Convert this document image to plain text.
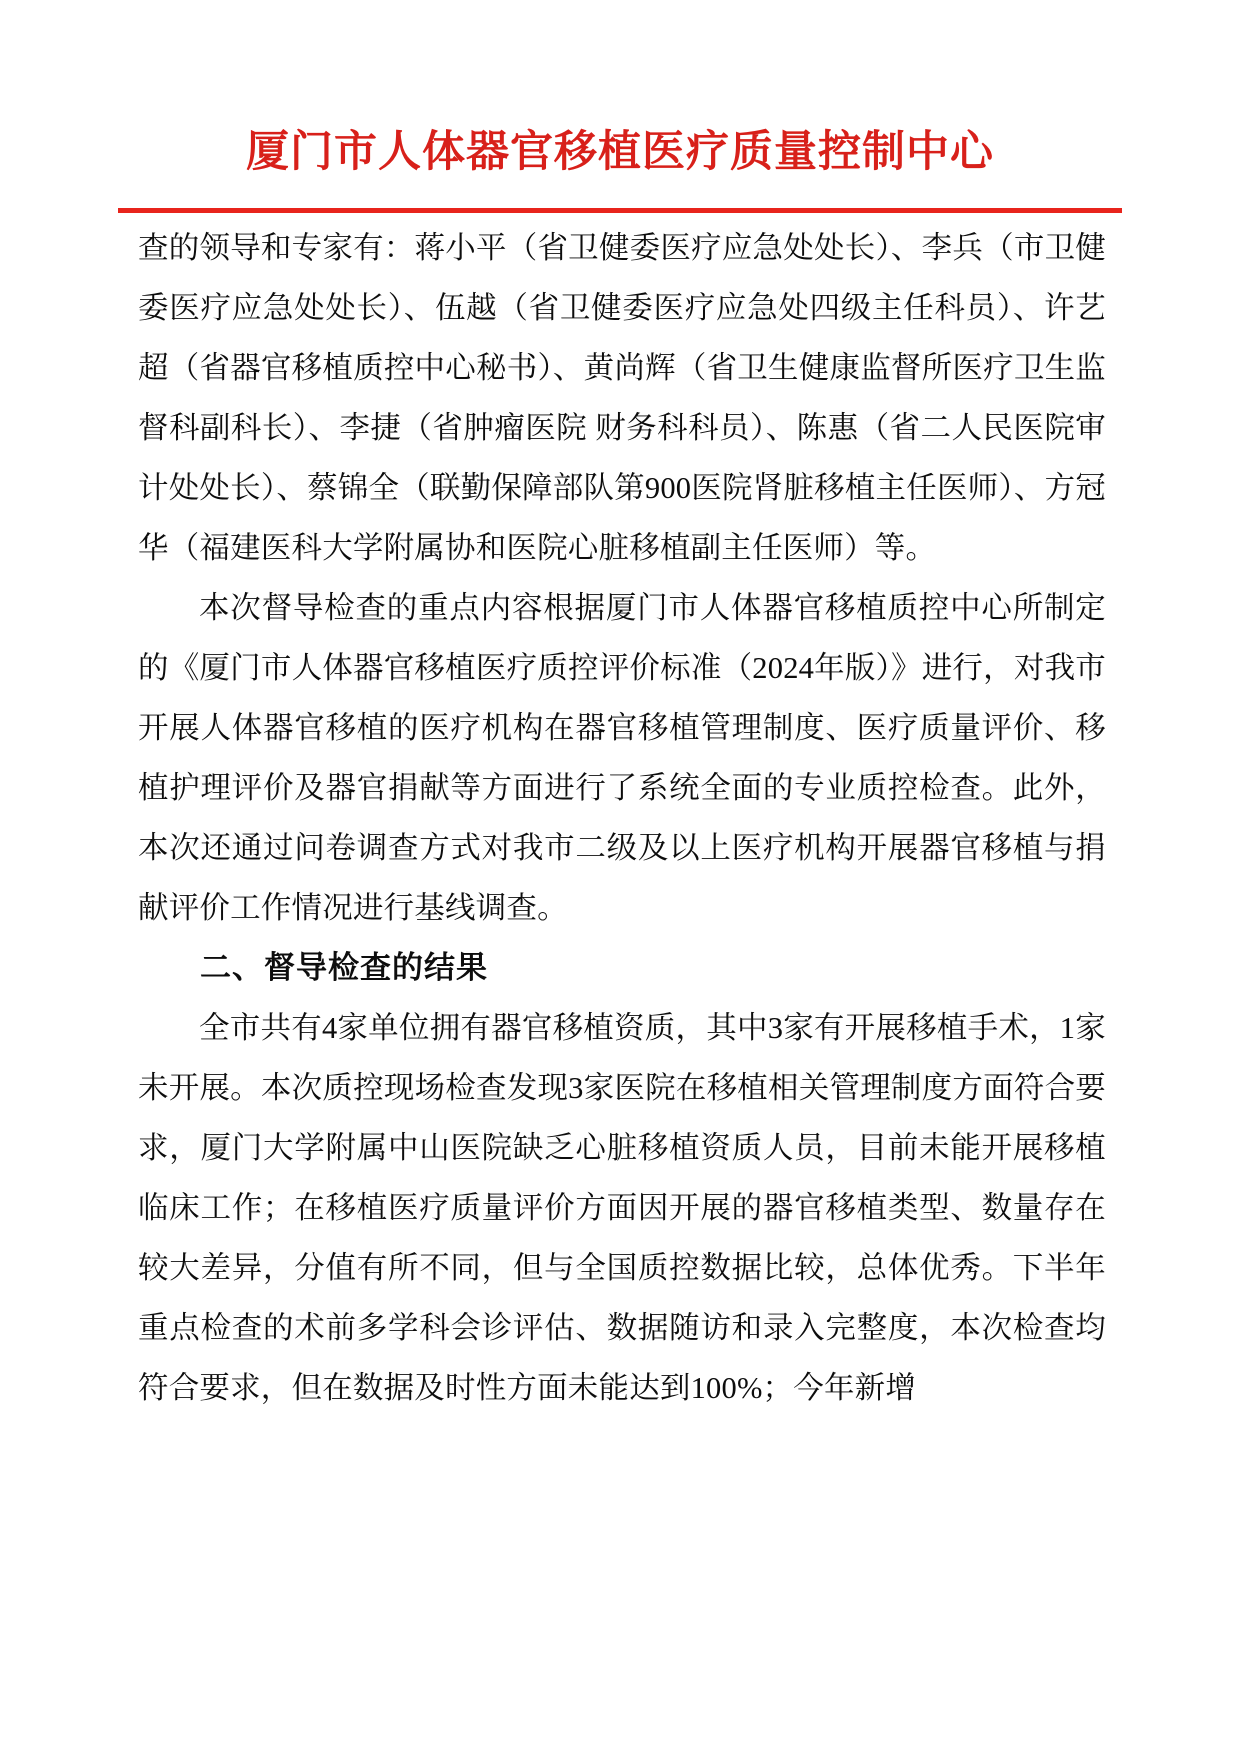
厦门市人体器官移植医疗质量控制中心

查的领导和专家有：蒋小平（省卫健委医疗应急处处长）、李兵（市卫健委医疗应急处处长）、伍越（省卫健委医疗应急处四级主任科员）、许艺超（省器官移植质控中心秘书）、黄尚辉（省卫生健康监督所医疗卫生监督科副科长）、李捷（省肿瘤医院 财务科科员）、陈惠（省二人民医院审计处处长）、蔡锦全（联勤保障部队第900医院肾脏移植主任医师）、方冠华（福建医科大学附属协和医院心脏移植副主任医师）等。

本次督导检查的重点内容根据厦门市人体器官移植质控中心所制定的《厦门市人体器官移植医疗质控评价标准（2024年版）》进行，对我市开展人体器官移植的医疗机构在器官移植管理制度、医疗质量评价、移植护理评价及器官捐献等方面进行了系统全面的专业质控检查。此外，本次还通过问卷调查方式对我市二级及以上医疗机构开展器官移植与捐献评价工作情况进行基线调查。

二、督导检查的结果

全市共有4家单位拥有器官移植资质，其中3家有开展移植手术，1家未开展。本次质控现场检查发现3家医院在移植相关管理制度方面符合要求，厦门大学附属中山医院缺乏心脏移植资质人员，目前未能开展移植临床工作；在移植医疗质量评价方面因开展的器官移植类型、数量存在较大差异，分值有所不同，但与全国质控数据比较，总体优秀。下半年重点检查的术前多学科会诊评估、数据随访和录入完整度，本次检查均符合要求，但在数据及时性方面未能达到100%；今年新增
